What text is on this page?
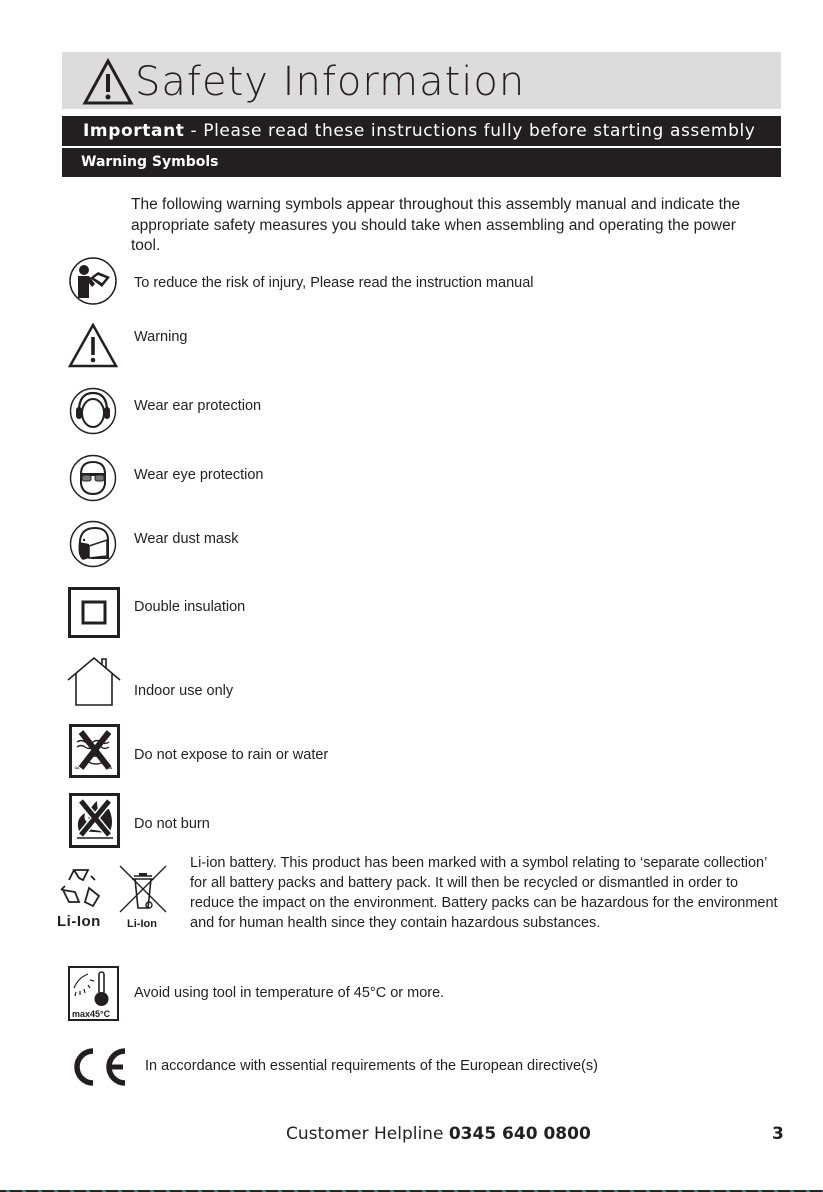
Safety Information
Important - Please read these instructions fully before starting assembly
Warning Symbols
The following warning symbols appear throughout this assembly manual and indicate the appropriate safety measures you should take when assembling and operating the power tool.
To reduce the risk of injury, Please read the instruction manual
Warning
Wear ear protection
Wear eye protection
Wear dust mask
Double insulation
Indoor use only
≈	≈
Do not expose to rain or water
Do not burn
Li-Ion Li-Ion
Li-ion battery. This product has been marked with a symbol relating to ‘separate collection’ for all battery packs and battery pack. It will then be recycled or dismantled in order to reduce the impact on the environment. Battery packs can be hazardous for the environment and for human health since they contain hazardous substances.
max45°C
Avoid using tool in temperature of 45°C or more.
In accordance with essential requirements of the European directive(s)
Customer Helpline 0345 640 0800	3
